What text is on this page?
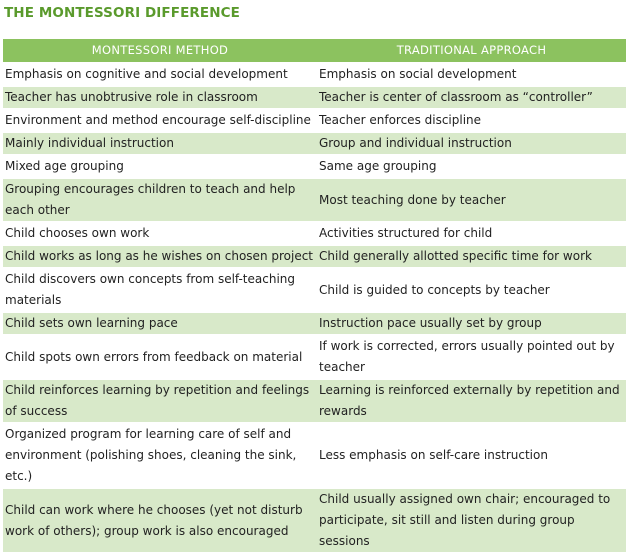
THE MONTESSORI DIFFERENCE
MONTESSORI METHOD	TRADITIONAL APPROACH
Emphasis on cognitive and social development	Emphasis on social development
Teacher has unobtrusive role in classroom	Teacher is center of classroom as “controller”
Environment and method encourage self-discipline	Teacher enforces discipline
Mainly individual instruction	Group and individual instruction
Mixed age grouping	Same age grouping
Grouping encourages children to teach and help each other	Most teaching done by teacher
Child chooses own work	Activities structured for child
Child works as long as he wishes on chosen project	Child generally allotted specific time for work
Child discovers own concepts from self-teaching materials	Child is guided to concepts by teacher
Child sets own learning pace	Instruction pace usually set by group
Child spots own errors from feedback on material	If work is corrected, errors usually pointed out by teacher
Child reinforces learning by repetition and feelings of success	Learning is reinforced externally by repetition and rewards
Organized program for learning care of self and environment (polishing shoes, cleaning the sink, etc.)	Less emphasis on self-care instruction
Child can work where he chooses (yet not disturb work of others); group work is also encouraged	Child usually assigned own chair; encouraged to participate, sit still and listen during group sessions
